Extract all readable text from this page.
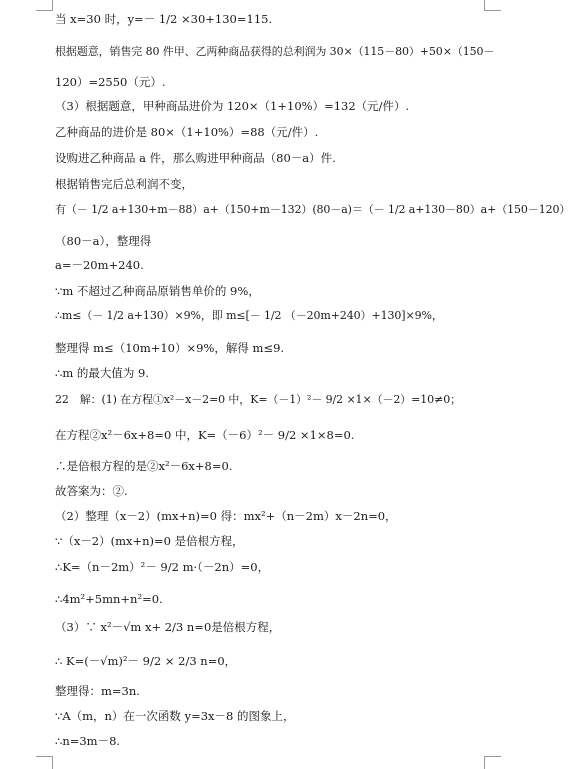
当 x=30 时，y=－ 1/2 ×30+130=115.
根据题意，销售完 80 件甲、乙两种商品获得的总利润为 30×（115－80）+50×（150－
120）=2550（元）.
（3）根据题意，甲种商品进价为 120×（1+10%）=132（元/件）.
乙种商品的进价是 80×（1+10%）=88（元/件）.
设购进乙种商品 a 件，那么购进甲种商品（80－a）件.
根据销售完后总利润不变，
有（－ 1/2 a+130+m－88）a+（150+m－132）(80－a)＝（－ 1/2 a+130－80）a+（150－120）
（80－a），整理得
a=－20m+240.
∵m 不超过乙种商品原销售单价的 9%，
∴m≤（－ 1/2 a+130）×9%，即 m≤[－ 1/2 （－20m+240）+130]×9%，
整理得 m≤（10m+10）×9%，解得 m≤9.
∴m 的最大值为 9.
22　解：(1) 在方程①x²－x－2=0 中，K=（－1）²－ 9/2 ×1×（－2）=10≠0；
在方程②x²－6x+8=0 中，K=（－6）²－ 9/2 ×1×8=0.
∴是倍根方程的是②x²－6x+8=0.
故答案为：②.
（2）整理（x－2）(mx+n)=0 得：mx²+（n－2m）x－2n=0，
∵（x－2）(mx+n)=0 是倍根方程，
∴K=（n－2m）²－ 9/2 m·（－2n）=0，
∴4m²+5mn+n²=0.
（3）∵ x²－√m x+ 2/3 n=0是倍根方程，
∴ K=(－√m)²－ 9/2 × 2/3 n=0，
整理得：m=3n.
∵A（m，n）在一次函数 y=3x－8 的图象上，
∴n=3m－8.
